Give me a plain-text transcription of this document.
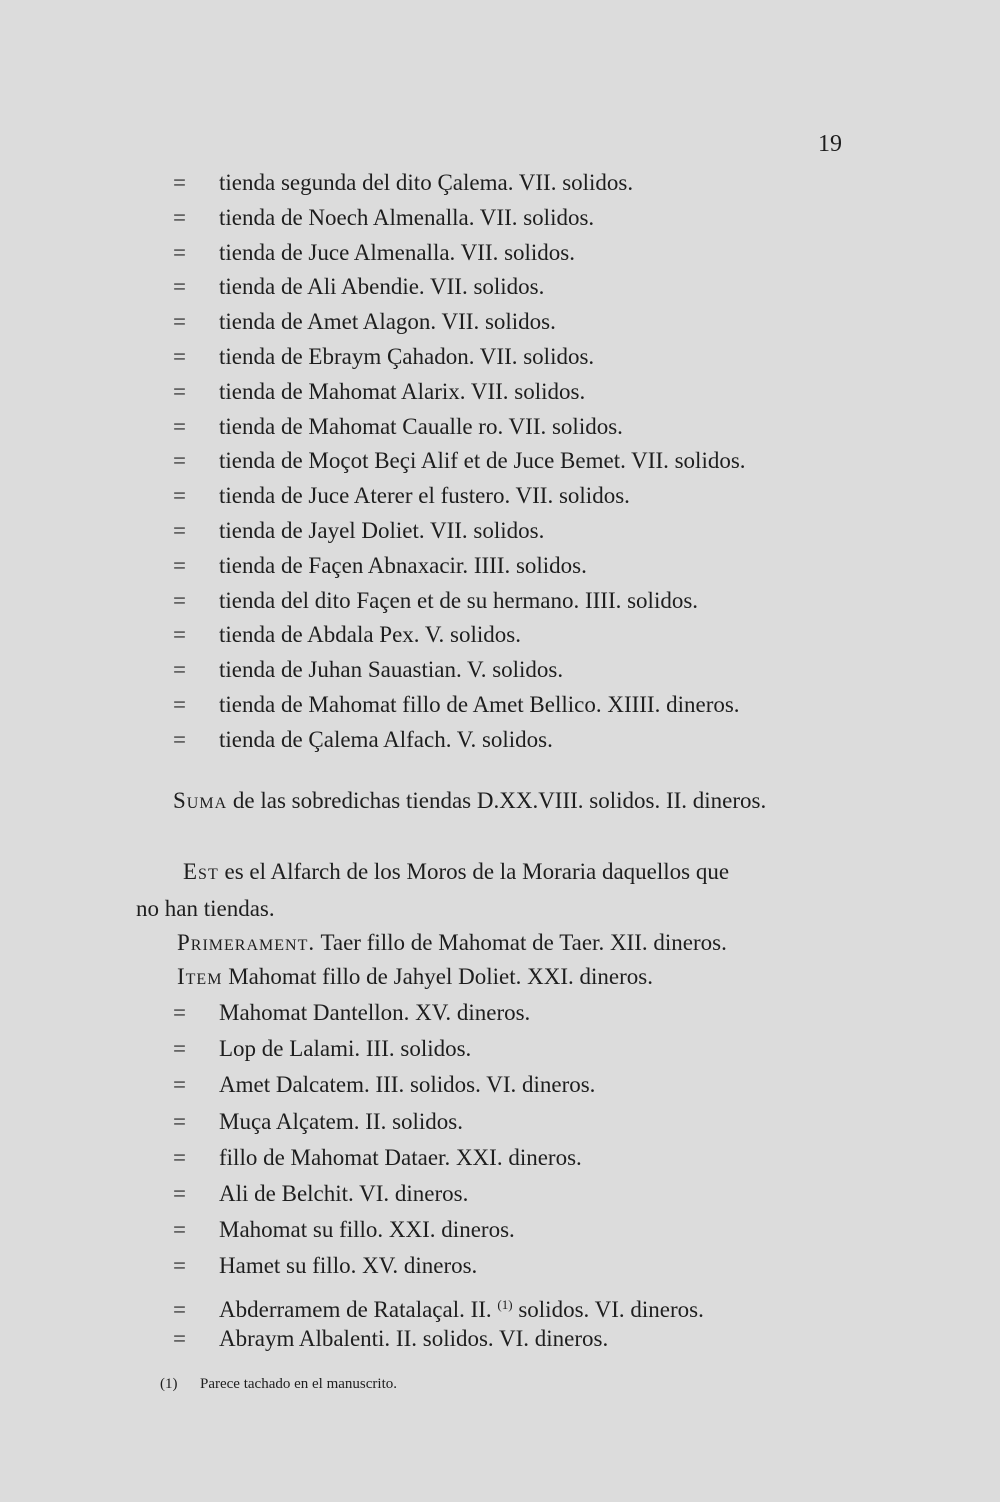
19
= tienda segunda del dito Çalema. VII. solidos.
= tienda de Noech Almenalla. VII. solidos.
= tienda de Juce Almenalla. VII. solidos.
= tienda de Ali Abendie. VII. solidos.
= tienda de Amet Alagon. VII. solidos.
= tienda de Ebraym Çahadon. VII. solidos.
= tienda de Mahomat Alarix. VII. solidos.
= tienda de Mahomat Caualle ro. VII. solidos.
= tienda de Moçot Beçi Alif et de Juce Bemet. VII. solidos.
= tienda de Juce Aterer el fustero. VII. solidos.
= tienda de Jayel Doliet. VII. solidos.
= tienda de Façen Abnaxacir. IIII. solidos.
= tienda del dito Façen et de su hermano. IIII. solidos.
= tienda de Abdala Pex. V. solidos.
= tienda de Juhan Sauastian. V. solidos.
= tienda de Mahomat fillo de Amet Bellico. XIIII. dineros.
= tienda de Çalema Alfach. V. solidos.
Suma de las sobredichas tiendas D.XX.VIII. solidos. II. dineros.
Est es el Alfarch de los Moros de la Moraria daquellos que
no han tiendas.
Primerament. Taer fillo de Mahomat de Taer. XII. dineros.
Item Mahomat fillo de Jahyel Doliet. XXI. dineros.
= Mahomat Dantellon. XV. dineros.
= Lop de Lalami. III. solidos.
= Amet Dalcatem. III. solidos. VI. dineros.
= Muça Alçatem. II. solidos.
= fillo de Mahomat Dataer. XXI. dineros.
= Ali de Belchit. VI. dineros.
= Mahomat su fillo. XXI. dineros.
= Hamet su fillo. XV. dineros.
= Abderramem de Ratalaçal. II. $^{(1)}$ solidos. VI. dineros.
= Abraym Albalenti. II. solidos. VI. dineros.
(1) Parece tachado en el manuscrito.
